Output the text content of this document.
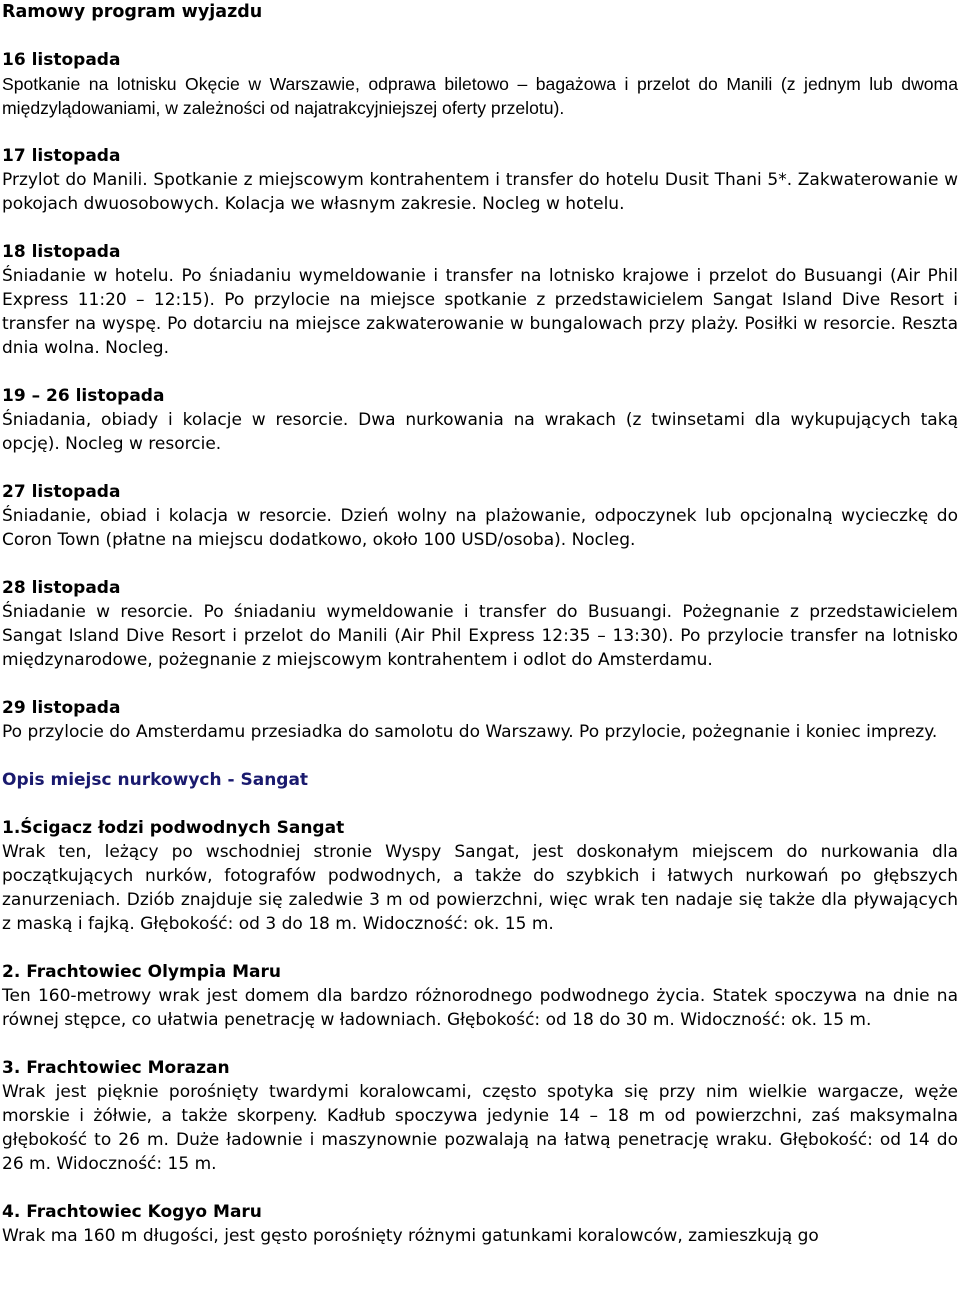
Ramowy program wyjazdu

16 listopada

Spotkanie na lotnisku Okęcie w Warszawie, odprawa biletowo – bagażowa i przelot do Manili (z jednym lub dwoma międzylądowaniami, w zależności od najatrakcyjniejszej oferty przelotu).

17 listopada

Przylot do Manili. Spotkanie z miejscowym kontrahentem i transfer do hotelu Dusit Thani 5*. Zakwaterowanie w pokojach dwuosobowych. Kolacja we własnym zakresie. Nocleg w hotelu.

18 listopada

Śniadanie w hotelu. Po śniadaniu wymeldowanie i transfer na lotnisko krajowe i przelot do Busuangi (Air Phil Express 11:20 – 12:15). Po przylocie na miejsce spotkanie z przedstawicielem Sangat Island Dive Resort i transfer na wyspę. Po dotarciu na miejsce zakwaterowanie w bungalowach przy plaży. Posiłki w resorcie. Reszta dnia wolna. Nocleg.

19 – 26 listopada

Śniadania, obiady i kolacje w resorcie. Dwa nurkowania na wrakach (z twinsetami dla wykupujących taką opcję). Nocleg w resorcie.

27 listopada

Śniadanie, obiad i kolacja w resorcie. Dzień wolny na plażowanie, odpoczynek lub opcjonalną wycieczkę do Coron Town (płatne na miejscu dodatkowo, około 100 USD/osoba). Nocleg.

28 listopada

Śniadanie w resorcie. Po śniadaniu wymeldowanie i transfer do Busuangi. Pożegnanie z przedstawicielem Sangat Island Dive Resort i przelot do Manili (Air Phil Express 12:35 – 13:30). Po przylocie transfer na lotnisko międzynarodowe, pożegnanie z miejscowym kontrahentem i odlot do Amsterdamu.

29 listopada

Po przylocie do Amsterdamu przesiadka do samolotu do Warszawy. Po przylocie, pożegnanie i koniec imprezy.

Opis miejsc nurkowych - Sangat

1.Ścigacz łodzi podwodnych Sangat

Wrak ten, leżący po wschodniej stronie Wyspy Sangat, jest doskonałym miejscem do nurkowania dla początkujących nurków, fotografów podwodnych, a także do szybkich i łatwych nurkowań po głębszych zanurzeniach. Dziób znajduje się zaledwie 3 m od powierzchni, więc wrak ten nadaje się także dla pływających z maską i fajką. Głębokość: od 3 do 18 m. Widoczność: ok. 15 m.

2. Frachtowiec Olympia Maru

Ten 160-metrowy wrak jest domem dla bardzo różnorodnego podwodnego życia. Statek spoczywa na dnie na równej stępce, co ułatwia penetrację w ładowniach. Głębokość: od 18 do 30 m. Widoczność: ok. 15 m.

3. Frachtowiec Morazan

Wrak jest pięknie porośnięty twardymi koralowcami, często spotyka się przy nim wielkie wargacze, węże morskie i żółwie, a także skorpeny. Kadłub spoczywa jedynie 14 – 18 m od powierzchni, zaś maksymalna głębokość to 26 m. Duże ładownie i maszynownie pozwalają na łatwą penetrację wraku. Głębokość: od 14 do 26 m. Widoczność: 15 m.

4. Frachtowiec Kogyo Maru

Wrak ma 160 m długości, jest gęsto porośnięty różnymi gatunkami koralowców, zamieszkują go
